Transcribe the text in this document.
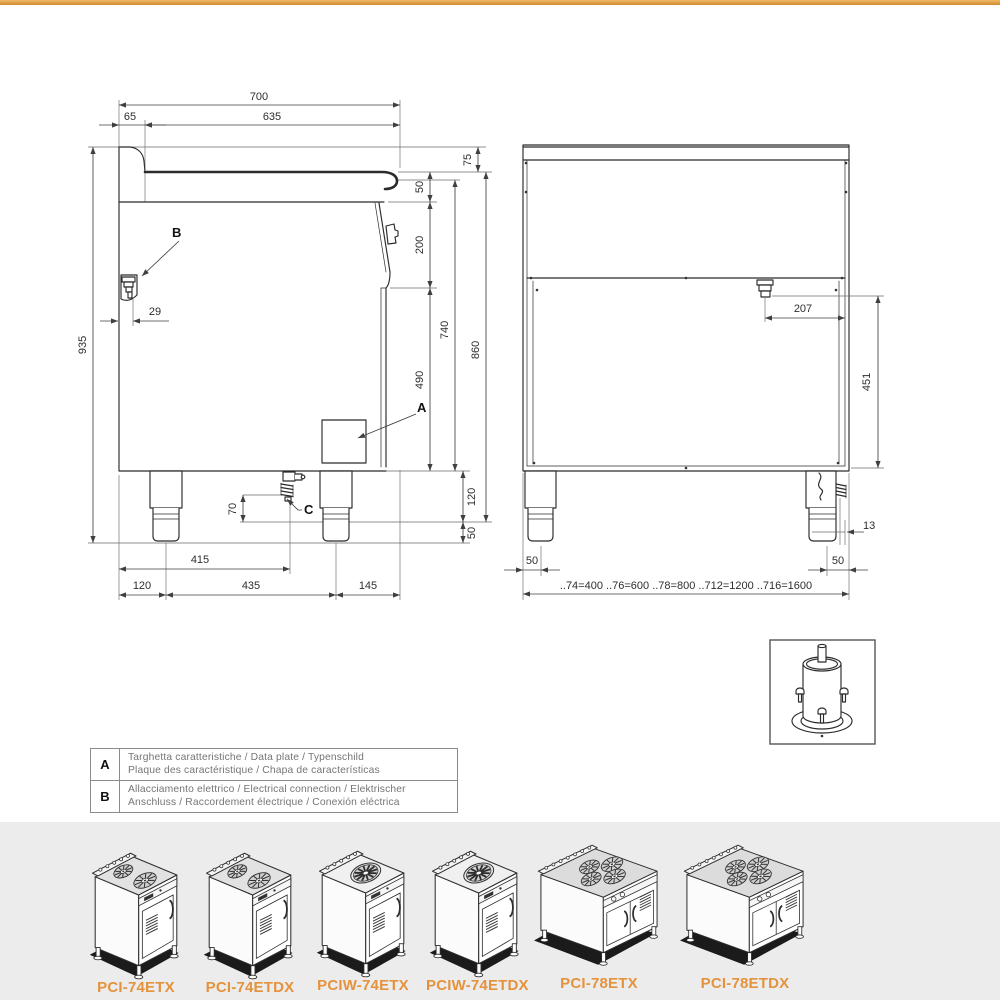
B
A
C
700
65	635
935
29
75
50
200
490
740
860
120
50
70
415
120	435	145
207
451
13
50	50
..74=400 ..76=600 ..78=800 ..712=1200 ..716=1600
A	Targhetta caratteristiche / Data plate / Typenschild
Plaque des caractéristique / Chapa de características
B	Allacciamento elettrico / Electrical connection / Elektrischer
Anschluss / Raccordement électrique / Conexión eléctrica
PCI-74ETX	PCI-74ETDX	PCIW-74ETX PCIW-74ETDX	PCI-78ETX	PCI-78ETDX
